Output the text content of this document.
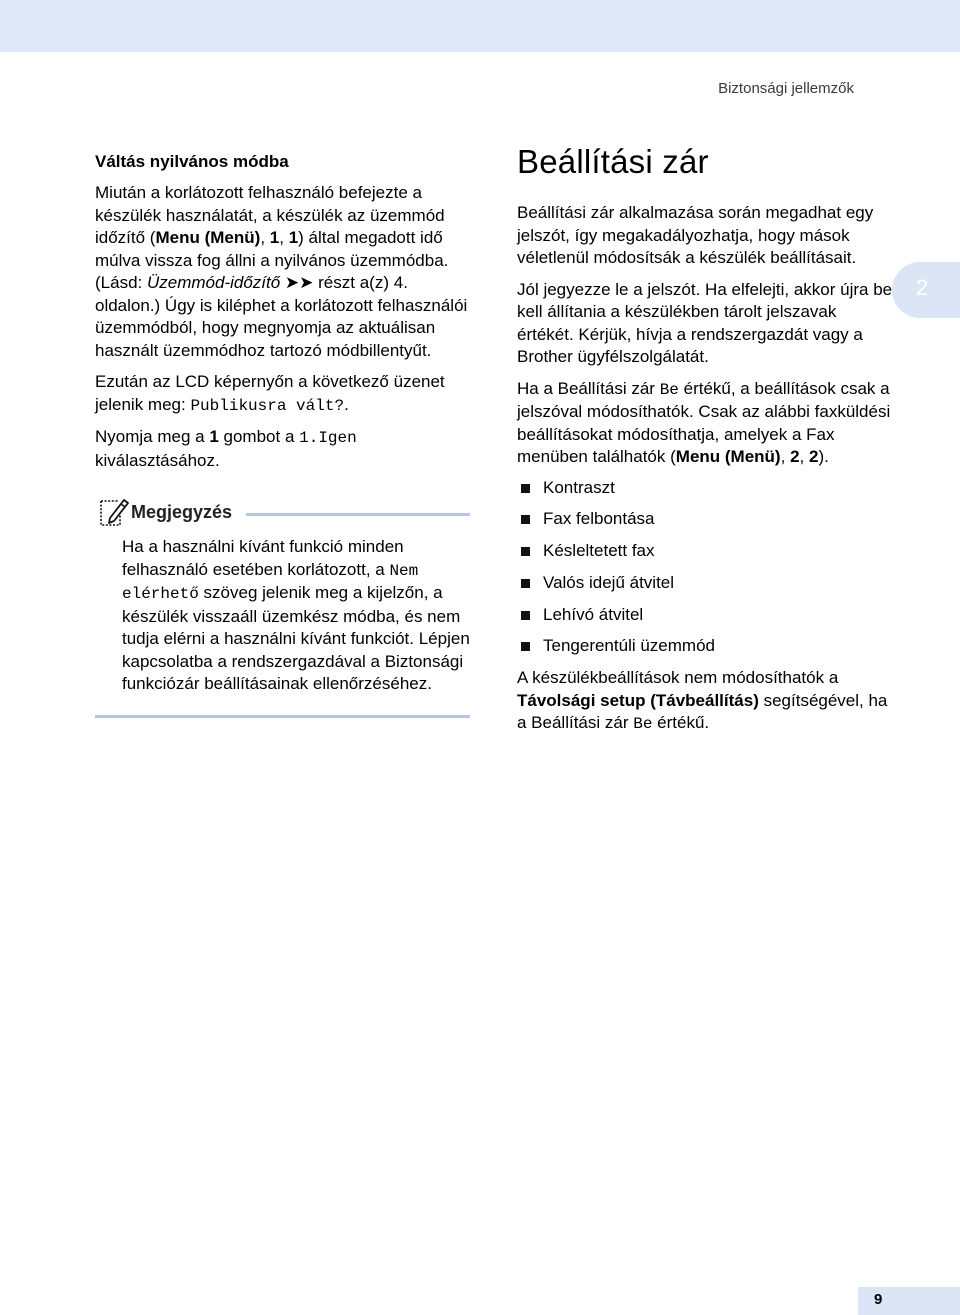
Biztonsági jellemzők
2

Váltás nyilvános módba

Miután a korlátozott felhasználó befejezte a készülék használatát, a készülék az üzemmód időzítő (Menu (Menü), 1, 1) által megadott idő múlva vissza fog állni a nyilvános üzemmódba. (Lásd: Üzemmód-időzítő ➤➤ részt a(z) 4. oldalon.) Úgy is kiléphet a korlátozott felhasználói üzemmódból, hogy megnyomja az aktuálisan használt üzemmódhoz tartozó módbillentyűt.

Ezután az LCD képernyőn a következő üzenet jelenik meg: Publikusra vált?.

Nyomja meg a 1 gombot a 1.Igen kiválasztásához.

Megjegyzés

Ha a használni kívánt funkció minden felhasználó esetében korlátozott, a Nem elérhető szöveg jelenik meg a kijelzőn, a készülék visszaáll üzemkész módba, és nem tudja elérni a használni kívánt funkciót. Lépjen kapcsolatba a rendszergazdával a Biztonsági funkciózár beállításainak ellenőrzéséhez.

Beállítási zár

Beállítási zár alkalmazása során megadhat egy jelszót, így megakadályozhatja, hogy mások véletlenül módosítsák a készülék beállításait.

Jól jegyezze le a jelszót. Ha elfelejti, akkor újra be kell állítania a készülékben tárolt jelszavak értékét. Kérjük, hívja a rendszergazdát vagy a Brother ügyfélszolgálatát.

Ha a Beállítási zár Be értékű, a beállítások csak a jelszóval módosíthatók. Csak az alábbi faxküldési beállításokat módosíthatja, amelyek a Fax menüben találhatók (Menu (Menü), 2, 2).

Kontraszt
Fax felbontása
Késleltetett fax
Valós idejű átvitel
Lehívó átvitel
Tengerentúli üzemmód

A készülékbeállítások nem módosíthatók a Távolsági setup (Távbeállítás) segítségével, ha a Beállítási zár Be értékű.

9
